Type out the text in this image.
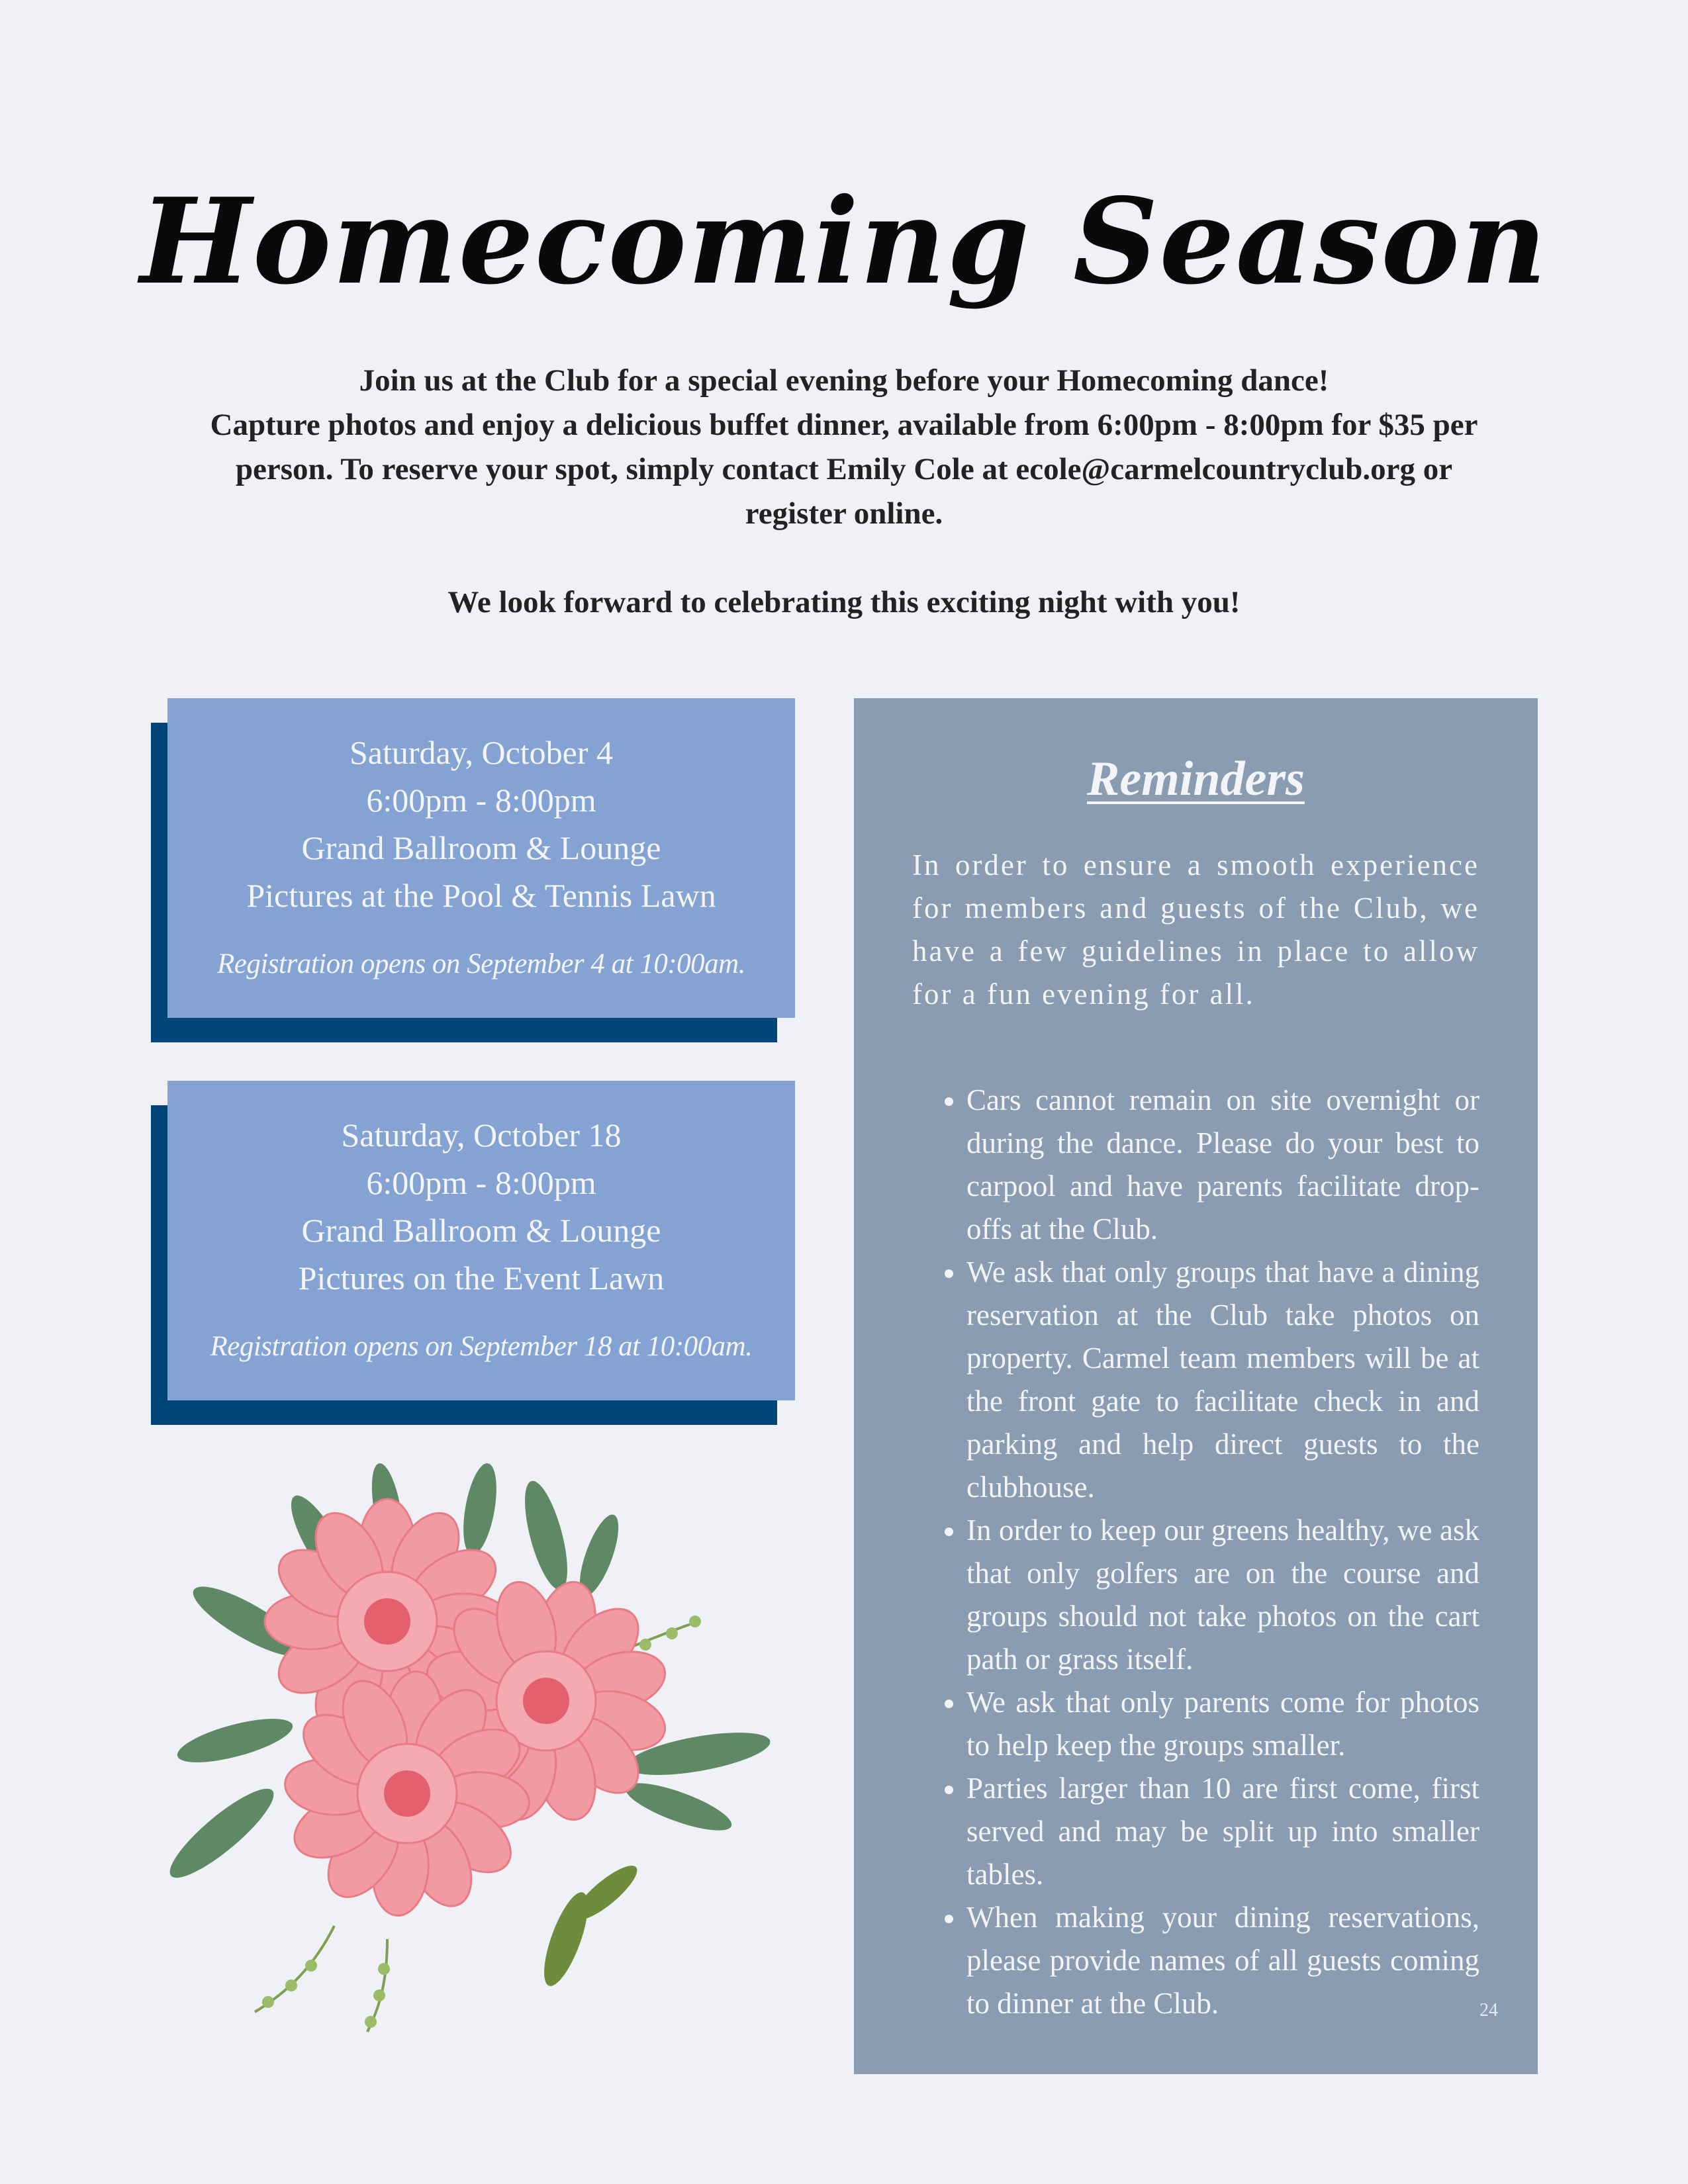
Homecoming Season

Join us at the Club for a special evening before your Homecoming dance!

Capture photos and enjoy a delicious buffet dinner, available from 6:00pm - 8:00pm for $35 per person. To reserve your spot, simply contact Emily Cole at ecole@carmelcountryclub.org or register online.

We look forward to celebrating this exciting night with you!

Saturday, October 4
6:00pm - 8:00pm
Grand Ballroom & Lounge
Pictures at the Pool & Tennis Lawn
Registration opens on September 4 at 10:00am.
Saturday, October 18
6:00pm - 8:00pm
Grand Ballroom & Lounge
Pictures on the Event Lawn
Registration opens on September 18 at 10:00am.
Reminders

In order to ensure a smooth experience for members and guests of the Club, we have a few guidelines in place to allow for a fun evening for all.

• Cars cannot remain on site overnight or during the dance. Please do your best to carpool and have parents facilitate drop-offs at the Club.
• We ask that only groups that have a dining reservation at the Club take photos on property. Carmel team members will be at the front gate to facilitate check in and parking and help direct guests to the clubhouse.
• In order to keep our greens healthy, we ask that only golfers are on the course and groups should not take photos on the cart path or grass itself.
• We ask that only parents come for photos to help keep the groups smaller.
• Parties larger than 10 are first come, first served and may be split up into smaller tables.
• When making your dining reservations, please provide names of all guests coming to dinner at the Club.	24
